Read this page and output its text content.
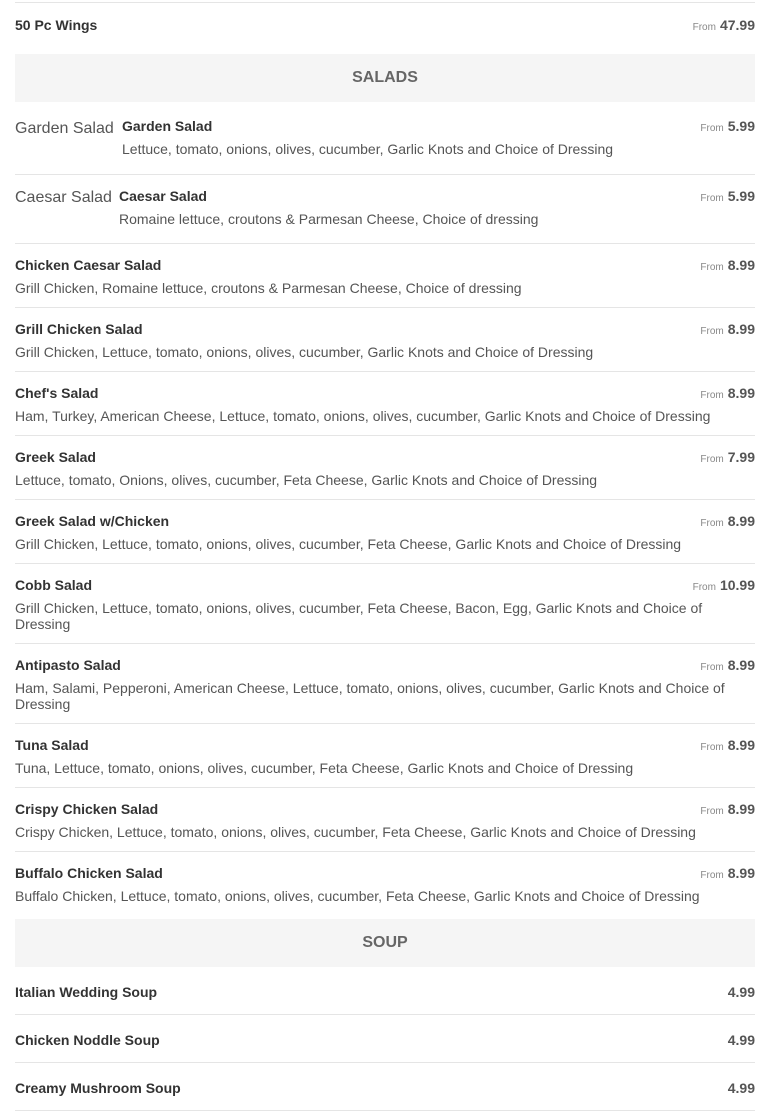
50 Pc Wings	From 47.99
SALADS
Garden Salad Garden Salad	From 5.99
Lettuce, tomato, onions, olives, cucumber, Garlic Knots and Choice of Dressing
Caesar Salad Caesar Salad	From 5.99
Romaine lettuce, croutons & Parmesan Cheese, Choice of dressing
Chicken Caesar Salad	From 8.99
Grill Chicken, Romaine lettuce, croutons & Parmesan Cheese, Choice of dressing
Grill Chicken Salad	From 8.99
Grill Chicken, Lettuce, tomato, onions, olives, cucumber, Garlic Knots and Choice of Dressing
Chef's Salad	From 8.99
Ham, Turkey, American Cheese, Lettuce, tomato, onions, olives, cucumber, Garlic Knots and Choice of Dressing
Greek Salad	From 7.99
Lettuce, tomato, Onions, olives, cucumber, Feta Cheese, Garlic Knots and Choice of Dressing
Greek Salad w/Chicken	From 8.99
Grill Chicken, Lettuce, tomato, onions, olives, cucumber, Feta Cheese, Garlic Knots and Choice of Dressing
Cobb Salad	From 10.99
Grill Chicken, Lettuce, tomato, onions, olives, cucumber, Feta Cheese, Bacon, Egg, Garlic Knots and Choice of Dressing
Antipasto Salad	From 8.99
Ham, Salami, Pepperoni, American Cheese, Lettuce, tomato, onions, olives, cucumber, Garlic Knots and Choice of Dressing
Tuna Salad	From 8.99
Tuna, Lettuce, tomato, onions, olives, cucumber, Feta Cheese, Garlic Knots and Choice of Dressing
Crispy Chicken Salad	From 8.99
Crispy Chicken, Lettuce, tomato, onions, olives, cucumber, Feta Cheese, Garlic Knots and Choice of Dressing
Buffalo Chicken Salad	From 8.99
Buffalo Chicken, Lettuce, tomato, onions, olives, cucumber, Feta Cheese, Garlic Knots and Choice of Dressing
SOUP
Italian Wedding Soup	4.99
Chicken Noddle Soup	4.99
Creamy Mushroom Soup	4.99
